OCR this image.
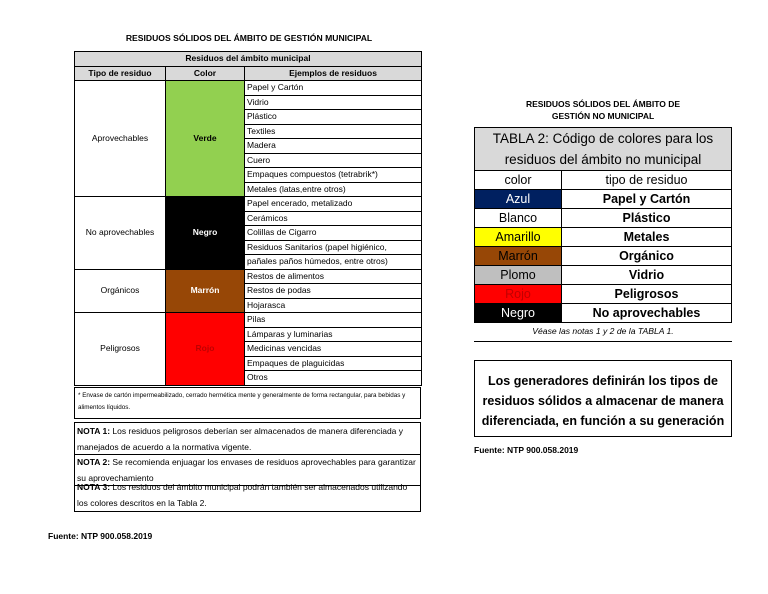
RESIDUOS SÓLIDOS DEL ÁMBITO DE GESTIÓN MUNICIPAL
Residuos del ámbito municipal		
Tipo de residuo	Color	Ejemplos de residuos
Aprovechables	Verde	Papel y Cartón
		Vidrio
		Plástico
		Textiles
		Madera
		Cuero
		Empaques compuestos (tetrabrik*)
		Metales (latas,entre otros)
No aprovechables	Negro	Papel encerado, metalizado
		Cerámicos
		Colillas de Cigarro
		Residuos Sanitarios (papel higiénico,
		pañales paños húmedos, entre otros)
Orgánicos	Marrón	Restos de alimentos
		Restos de podas
		Hojarasca
Peligrosos	Rojo	Pilas
		Lámparas y luminarias
		Medicinas vencidas
		Empaques de plaguicidas
		Otros
* Envase de cartón impermeabilizado, cerrado hermética mente y generalmente de forma rectangular, para bebidas y alimentos líquidos.
NOTA 1: Los residuos peligrosos deberían ser almacenados de manera diferenciada y manejados de acuerdo a la normativa vigente.
NOTA 2: Se recomienda enjuagar los envases de residuos aprovechables para garantizar su aprovechamiento
NOTA 3: Los residuos del ámbito municipal podrán también ser almacenados utilizando los colores descritos en la Tabla 2.
Fuente: NTP 900.058.2019
RESIDUOS SÓLIDOS DEL ÁMBITO DE
GESTIÓN NO MUNICIPAL
TABLA 2: Código de colores para los
residuos del ámbito no municipal	

color	tipo de residuo
Azul	Papel y Cartón
Blanco	Plástico
Amarillo	Metales
Marrón	Orgánico
Plomo	Vidrio
Rojo	Peligrosos
Negro	No aprovechables
Véase las notas 1 y 2 de la TABLA 1.
Los generadores definirán los tipos de residuos sólidos a almacenar de manera diferenciada, en función a su generación
Fuente: NTP 900.058.2019
